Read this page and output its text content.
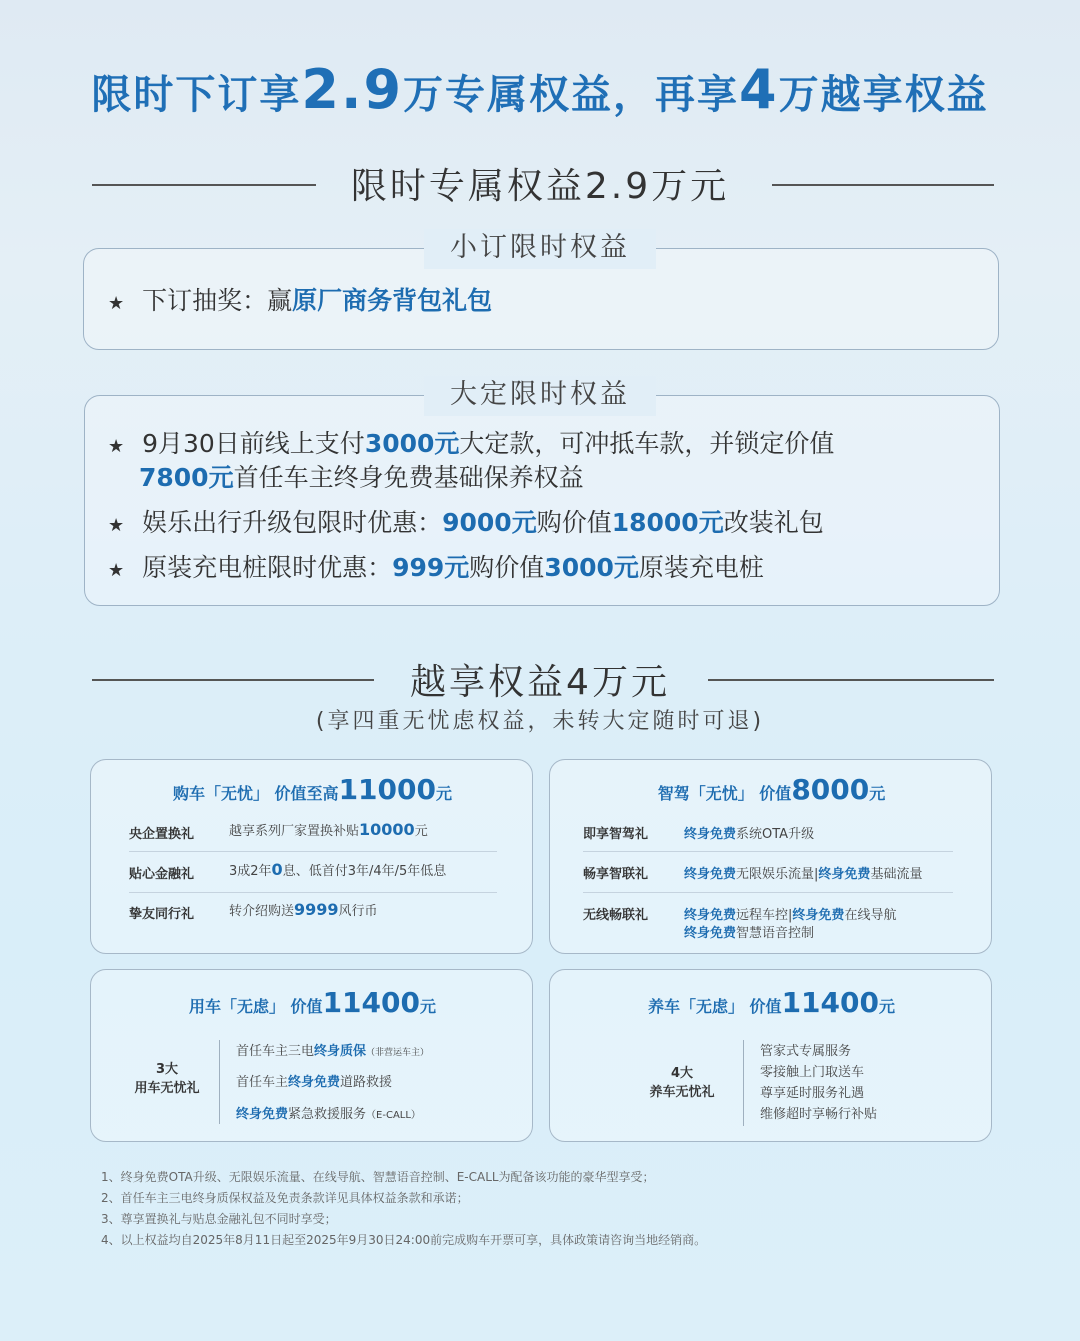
限时下订享2.9万专属权益，再享4万越享权益
限时专属权益2.9万元
小订限时权益
★ 下订抽奖：赢原厂商务背包礼包
大定限时权益
★ 9月30日前线上支付3000元大定款，可冲抵车款，并锁定价值
7800元首任车主终身免费基础保养权益
★ 娱乐出行升级包限时优惠：9000元购价值18000元改装礼包
★ 原装充电桩限时优惠：999元购价值3000元原装充电桩
越享权益4万元
(享四重无忧虑权益，未转大定随时可退)
购车「无忧」 价值至高11000元
央企置换礼	越享系列厂家置换补贴10000元
贴心金融礼	3成2年0息、低首付3年/4年/5年低息
挚友同行礼	转介绍购送9999风行币
智驾「无忧」 价值8000元
即享智驾礼	终身免费系统OTA升级
畅享智联礼	终身免费无限娱乐流量|终身免费基础流量
无线畅联礼	终身免费远程车控|终身免费在线导航
终身免费智慧语音控制
用车「无虑」 价值11400元
3大
用车无忧礼
首任车主三电终身质保（非营运车主）
首任车主终身免费道路救援
终身免费紧急救援服务（E-CALL）
养车「无虑」 价值11400元
4大
养车无忧礼
管家式专属服务
零接触上门取送车
尊享延时服务礼遇
维修超时享畅行补贴
1、终身免费OTA升级、无限娱乐流量、在线导航、智慧语音控制、E-CALL为配备该功能的豪华型享受；
2、首任车主三电终身质保权益及免责条款详见具体权益条款和承诺；
3、尊享置换礼与贴息金融礼包不同时享受；
4、以上权益均自2025年8月11日起至2025年9月30日24:00前完成购车开票可享，具体政策请咨询当地经销商。
